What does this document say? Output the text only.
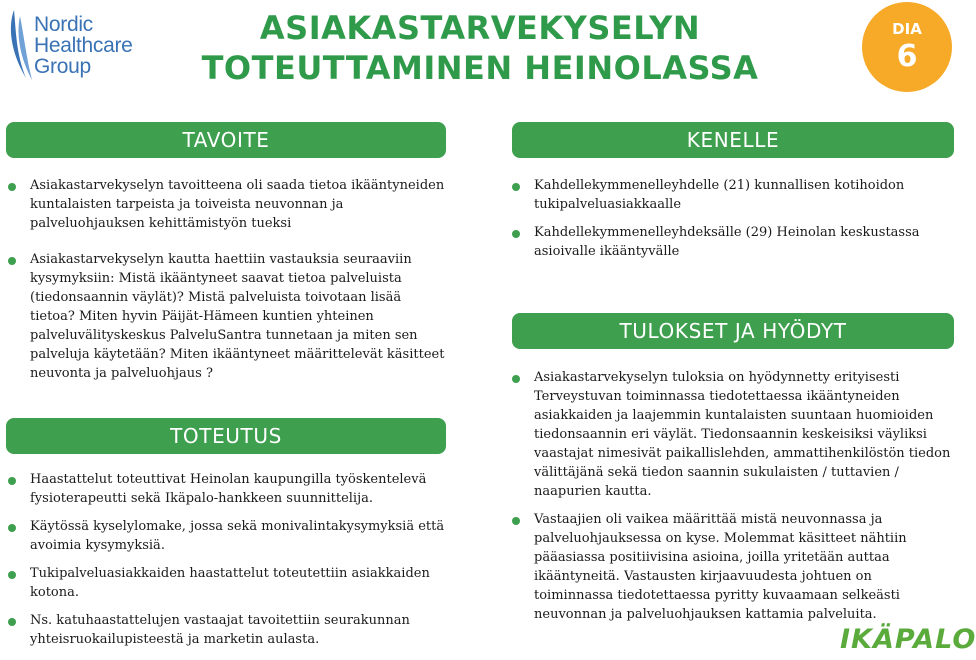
Nordic
Healthcare
Group
ASIAKASTARVEKYSELYN
TOTEUTTAMINEN HEINOLASSA
DIA
6
TAVOITE
Asiakastarvekyselyn tavoitteena oli saada tietoa ikääntyneiden kuntalaisten tarpeista ja toiveista neuvonnan ja palveluohjauksen kehittämistyön tueksi
Asiakastarvekyselyn kautta haettiin vastauksia seuraaviin kysymyksiin: Mistä ikääntyneet saavat tietoa palveluista (tiedonsaannin väylät)? Mistä palveluista toivotaan lisää tietoa? Miten hyvin Päijät-Hämeen kuntien yhteinen palveluvälityskeskus PalveluSantra tunnetaan ja miten sen palveluja käytetään? Miten ikääntyneet määrittelevät käsitteet neuvonta ja palveluohjaus ?
TOTEUTUS
Haastattelut toteuttivat Heinolan kaupungilla työskentelevä fysioterapeutti sekä Ikäpalo-hankkeen suunnittelija.
Käytössä kyselylomake, jossa sekä monivalintakysymyksiä että avoimia kysymyksiä.
Tukipalveluasiakkaiden haastattelut toteutettiin asiakkaiden kotona.
Ns. katuhaastattelujen vastaajat tavoitettiin seurakunnan yhteisruokailupisteestä ja marketin aulasta.
KENELLE
Kahdellekymmenelleyhdelle (21) kunnallisen kotihoidon tukipalveluasiakkaalle
Kahdellekymmenelleyhdeksälle (29) Heinolan keskustassa asioivalle ikääntyvälle
TULOKSET JA HYÖDYT
Asiakastarvekyselyn tuloksia on hyödynnetty erityisesti Terveystuvan toiminnassa tiedotettaessa ikääntyneiden asiakkaiden ja laajemmin kuntalaisten suuntaan huomioiden tiedonsaannin eri väylät. Tiedonsaannin keskeisiksi väyliksi vaastajat nimesivät paikallislehden, ammattihenkilöstön tiedon välittäjänä sekä tiedon saannin sukulaisten / tuttavien / naapurien kautta.
Vastaajien oli vaikea määrittää mistä neuvonnassa ja palveluohjauksessa on kyse. Molemmat käsitteet nähtiin pääasiassa positiivisina asioina, joilla yritetään auttaa ikääntyneitä. Vastausten kirjaavuudesta johtuen on toiminnassa tiedotettaessa pyritty kuvaamaan selkeästi neuvonnan ja palveluohjauksen kattamia palveluita.
IKÄPALO
